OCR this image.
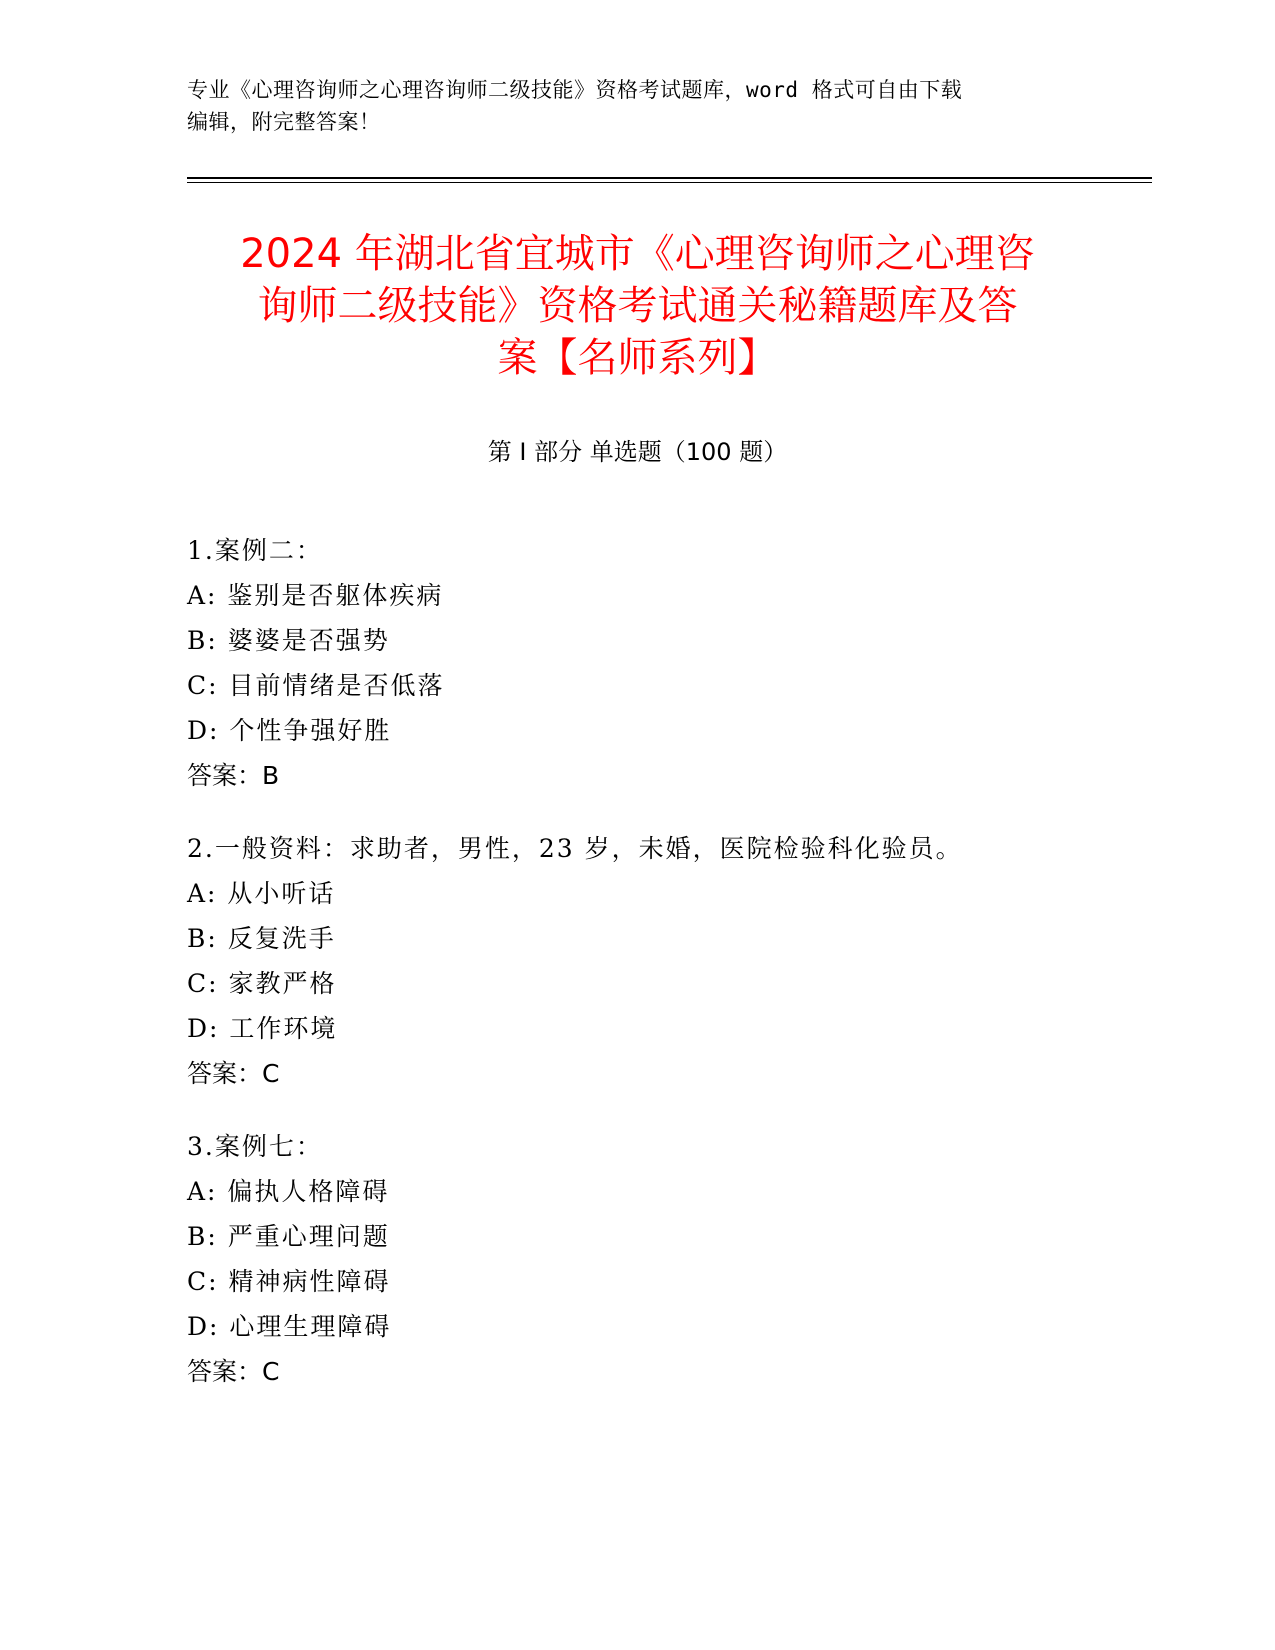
专业《心理咨询师之心理咨询师二级技能》资格考试题库，word 格式可自由下载
编辑，附完整答案！
2024 年湖北省宜城市《心理咨询师之心理咨
询师二级技能》资格考试通关秘籍题库及答
案【名师系列】
第 I 部分 单选题（100 题）
1.案例二：
A: 鉴别是否躯体疾病
B: 婆婆是否强势
C: 目前情绪是否低落
D: 个性争强好胜
答案：B
2.一般资料：求助者，男性，23 岁，未婚，医院检验科化验员。
A: 从小听话
B: 反复洗手
C: 家教严格
D: 工作环境
答案：C
3.案例七：
A: 偏执人格障碍
B: 严重心理问题
C: 精神病性障碍
D: 心理生理障碍
答案：C
